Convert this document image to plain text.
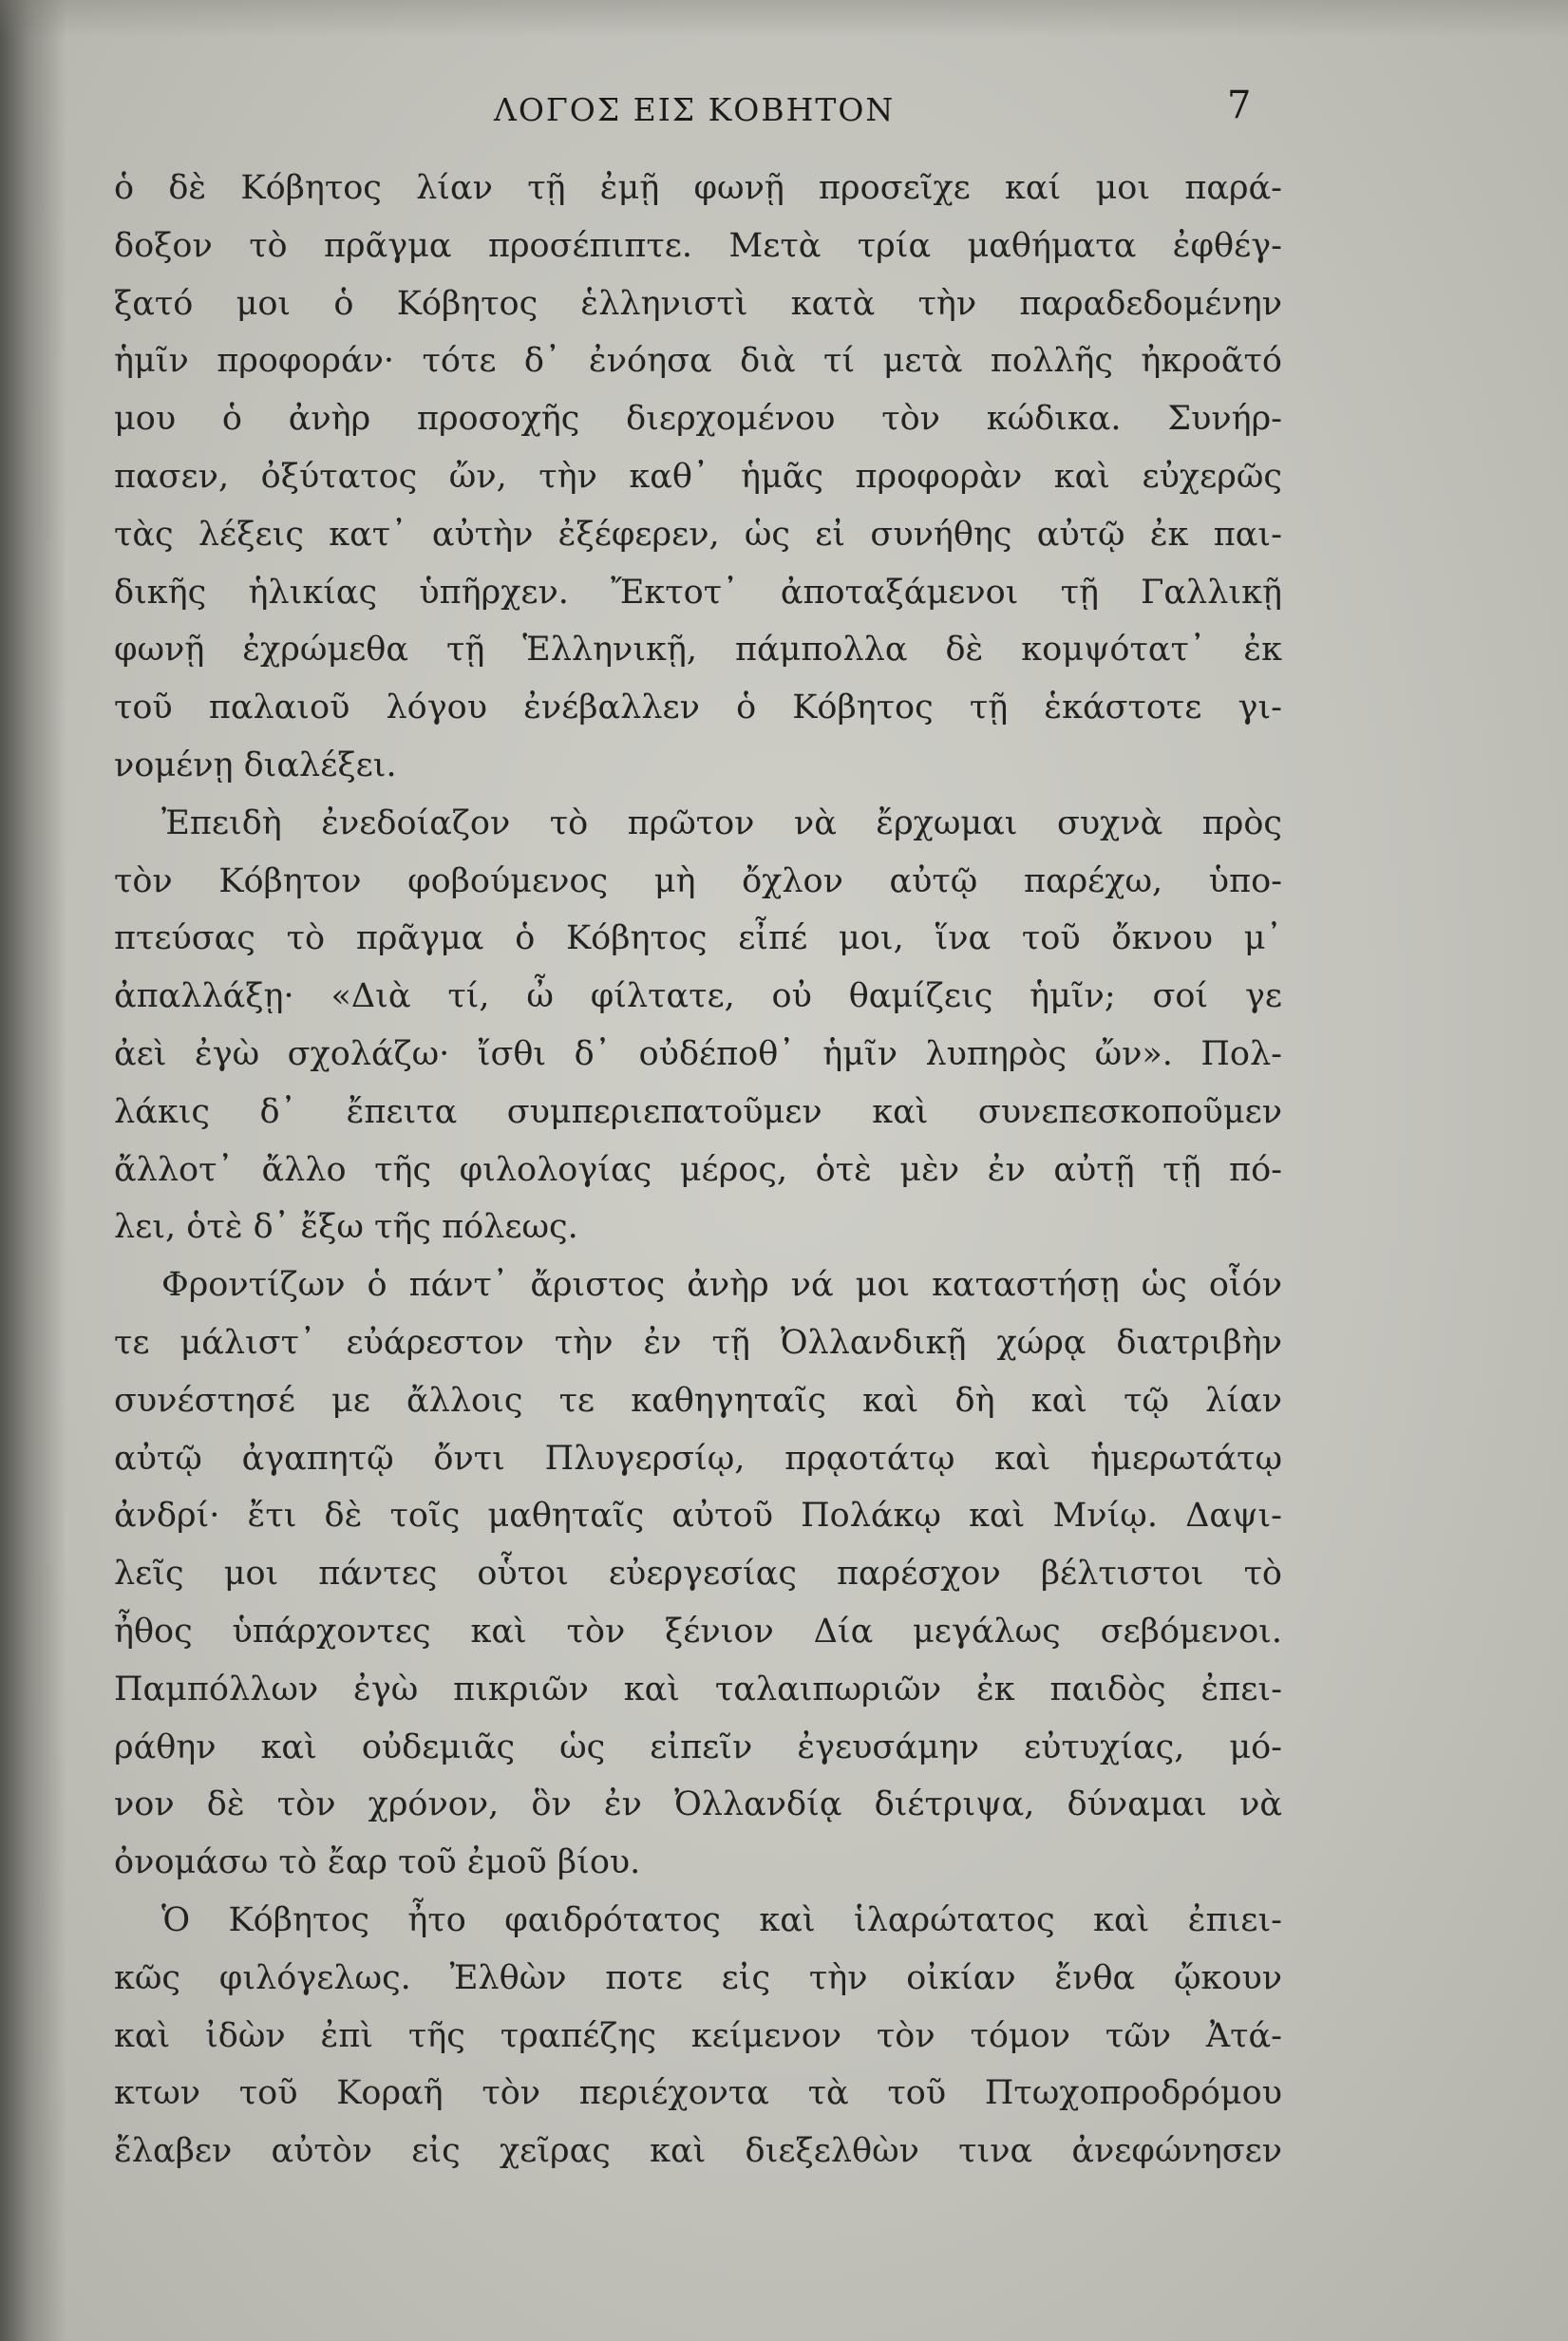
ΛΟΓΟΣ ΕΙΣ ΚΟΒΗΤΟΝ	7
ὁ δὲ Κόβητος λίαν τῇ ἐμῇ φωνῇ προσεῖχε καί μοι παρά-
δοξον τὸ πρᾶγμα προσέπιπτε. Μετὰ τρία μαθήματα ἐφθέγ-
ξατό μοι ὁ Κόβητος ἑλληνιστὶ κατὰ τὴν παραδεδομένην
ἡμῖν προφοράν· τότε δ᾽ ἐνόησα διὰ τί μετὰ πολλῆς ἠκροᾶτό
μου ὁ ἀνὴρ προσοχῆς διερχομένου τὸν κώδικα. Συνήρ-
πασεν, ὀξύτατος ὤν, τὴν καθ᾽ ἡμᾶς προφορὰν καὶ εὐχερῶς
τὰς λέξεις κατ᾽ αὐτὴν ἐξέφερεν, ὡς εἰ συνήθης αὐτῷ ἐκ παι-
δικῆς ἡλικίας ὑπῆρχεν. Ἔκτοτ᾽ ἀποταξάμενοι τῇ Γαλλικῇ
φωνῇ ἐχρώμεθα τῇ Ἑλληνικῇ, πάμπολλα δὲ κομψότατ᾽ ἐκ
τοῦ παλαιοῦ λόγου ἐνέβαλλεν ὁ Κόβητος τῇ ἑκάστοτε γι-
νομένῃ διαλέξει.
Ἐπειδὴ ἐνεδοίαζον τὸ πρῶτον νὰ ἔρχωμαι συχνὰ πρὸς
τὸν Κόβητον φοβούμενος μὴ ὄχλον αὐτῷ παρέχω, ὑπο-
πτεύσας τὸ πρᾶγμα ὁ Κόβητος εἶπέ μοι, ἵνα τοῦ ὄκνου μ᾽
ἀπαλλάξῃ· «Διὰ τί, ὦ φίλτατε, οὐ θαμίζεις ἡμῖν; σοί γε
ἀεὶ ἐγὼ σχολάζω· ἴσθι δ᾽ οὐδέποθ᾽ ἡμῖν λυπηρὸς ὤν». Πολ-
λάκις δ᾽ ἔπειτα συμπεριεπατοῦμεν καὶ συνεπεσκοποῦμεν
ἄλλοτ᾽ ἄλλο τῆς φιλολογίας μέρος, ὁτὲ μὲν ἐν αὐτῇ τῇ πό-
λει, ὁτὲ δ᾽ ἔξω τῆς πόλεως.
Φροντίζων ὁ πάντ᾽ ἄριστος ἀνὴρ νά μοι καταστήσῃ ὡς οἷόν
τε μάλιστ᾽ εὐάρεστον τὴν ἐν τῇ Ὀλλανδικῇ χώρᾳ διατριβὴν
συνέστησέ με ἄλλοις τε καθηγηταῖς καὶ δὴ καὶ τῷ λίαν
αὐτῷ ἀγαπητῷ ὄντι Πλυγερσίῳ, πρᾳοτάτῳ καὶ ἡμερωτάτῳ
ἀνδρί· ἔτι δὲ τοῖς μαθηταῖς αὐτοῦ Πολάκῳ καὶ Μνίῳ. Δαψι-
λεῖς μοι πάντες οὗτοι εὐεργεσίας παρέσχον βέλτιστοι τὸ
ἦθος ὑπάρχοντες καὶ τὸν ξένιον Δία μεγάλως σεβόμενοι.
Παμπόλλων ἐγὼ πικριῶν καὶ ταλαιπωριῶν ἐκ παιδὸς ἐπει-
ράθην καὶ οὐδεμιᾶς ὡς εἰπεῖν ἐγευσάμην εὐτυχίας, μό-
νον δὲ τὸν χρόνον, ὃν ἐν Ὀλλανδίᾳ διέτριψα, δύναμαι νὰ
ὀνομάσω τὸ ἔαρ τοῦ ἐμοῦ βίου.
Ὁ Κόβητος ἦτο φαιδρότατος καὶ ἱλαρώτατος καὶ ἐπιει-
κῶς φιλόγελως. Ἐλθὼν ποτε εἰς τὴν οἰκίαν ἔνθα ᾤκουν
καὶ ἰδὼν ἐπὶ τῆς τραπέζης κείμενον τὸν τόμον τῶν Ἀτά-
κτων τοῦ Κοραῆ τὸν περιέχοντα τὰ τοῦ Πτωχοπροδρόμου
ἔλαβεν αὐτὸν εἰς χεῖρας καὶ διεξελθὼν τινα ἀνεφώνησεν
